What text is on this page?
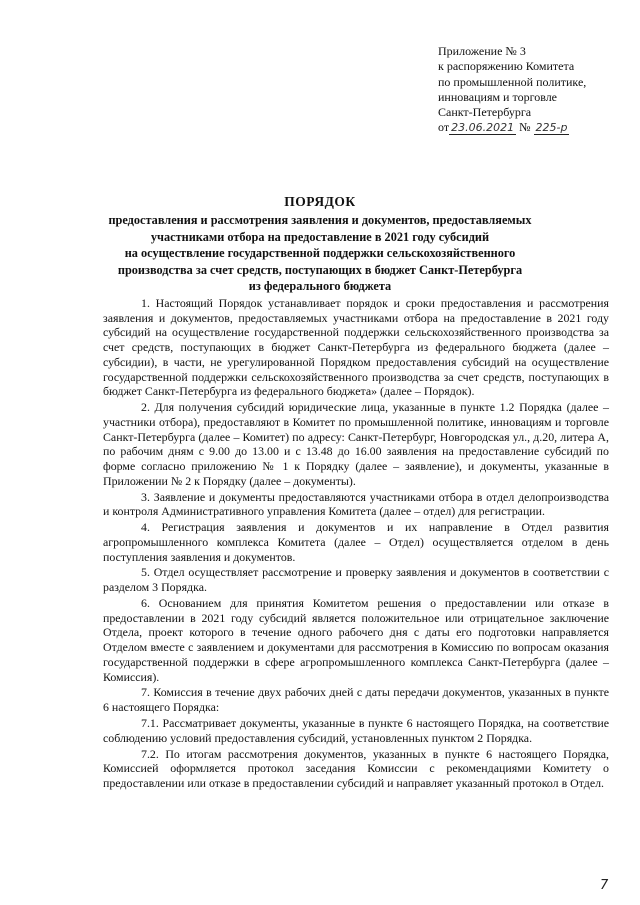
Приложение № 3
к распоряжению Комитета
по промышленной политике,
инновациям и торговле
Санкт-Петербурга
от 23.06.2021 № 225-р
ПОРЯДОК
предоставления и рассмотрения заявления и документов, предоставляемых
участниками отбора на предоставление в 2021 году субсидий
на осуществление государственной поддержки сельскохозяйственного
производства за счет средств, поступающих в бюджет Санкт-Петербурга
из федерального бюджета

1. Настоящий Порядок устанавливает порядок и сроки предоставления и рассмотрения заявления и документов, предоставляемых участниками отбора на предоставление в 2021 году субсидий на осуществление государственной поддержки сельскохозяйственного производства за счет средств, поступающих в бюджет Санкт-Петербурга из федерального бюджета (далее – субсидии), в части, не урегулированной Порядком предоставления субсидий на осуществление государственной поддержки сельскохозяйственного производства за счет средств, поступающих в бюджет Санкт-Петербурга из федерального бюджета» (далее – Порядок).

2. Для получения субсидий юридические лица, указанные в пункте 1.2 Порядка (далее – участники отбора), предоставляют в Комитет по промышленной политике, инновациям и торговле Санкт-Петербурга (далее – Комитет) по адресу: Санкт-Петербург, Новгородская ул., д.20, литера А, по рабочим дням с 9.00 до 13.00 и с 13.48 до 16.00 заявления на предоставление субсидий по форме согласно приложению № 1 к Порядку (далее – заявление), и документы, указанные в Приложении № 2 к Порядку (далее – документы).

3. Заявление и документы предоставляются участниками отбора в отдел делопроизводства и контроля Административного управления Комитета (далее – отдел) для регистрации.

4. Регистрация заявления и документов и их направление в Отдел развития агропромышленного комплекса Комитета (далее – Отдел) осуществляется отделом в день поступления заявления и документов.

5. Отдел осуществляет рассмотрение и проверку заявления и документов в соответствии с разделом 3 Порядка.

6. Основанием для принятия Комитетом решения о предоставлении или отказе в предоставлении в 2021 году субсидий является положительное или отрицательное заключение Отдела, проект которого в течение одного рабочего дня с даты его подготовки направляется Отделом вместе с заявлением и документами для рассмотрения в Комиссию по вопросам оказания государственной поддержки в сфере агропромышленного комплекса Санкт-Петербурга (далее – Комиссия).

7. Комиссия в течение двух рабочих дней с даты передачи документов, указанных в пункте 6 настоящего Порядка:

7.1. Рассматривает документы, указанные в пункте 6 настоящего Порядка, на соответствие соблюдению условий предоставления субсидий, установленных пунктом 2 Порядка.

7.2. По итогам рассмотрения документов, указанных в пункте 6 настоящего Порядка, Комиссией оформляется протокол заседания Комиссии с рекомендациями Комитету о предоставлении или отказе в предоставлении субсидий и направляет указанный протокол в Отдел.

7
